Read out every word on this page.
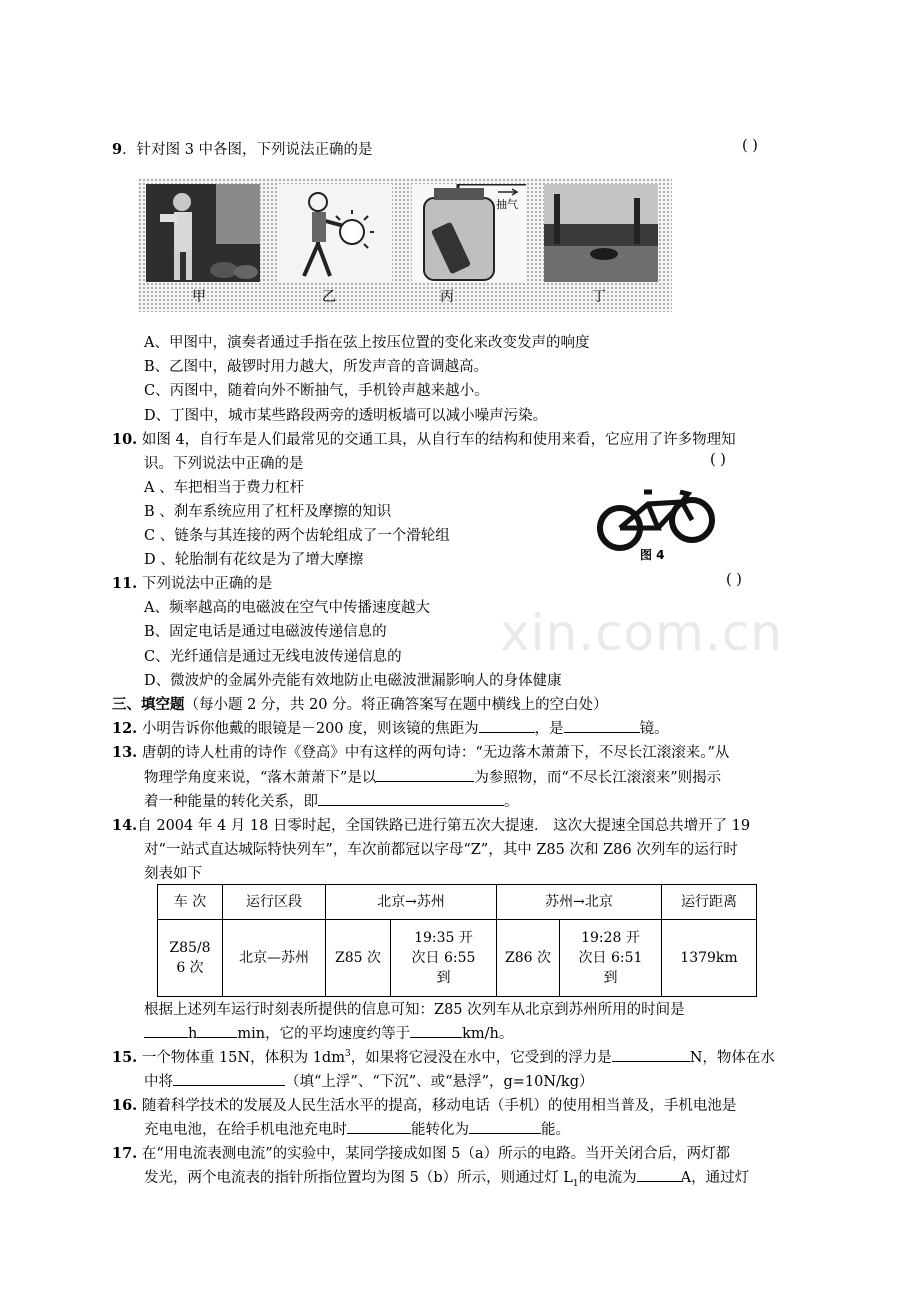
xin.com.cn
9．针对图 3 中各图，下列说法正确的是	( )
抽气
甲	乙	丙	丁
A、甲图中，演奏者通过手指在弦上按压位置的变化来改变发声的响度
B、乙图中，敲锣时用力越大，所发声音的音调越高。
C、丙图中，随着向外不断抽气，手机铃声越来越小。
D、丁图中，城市某些路段两旁的透明板墙可以减小噪声污染。
10. 如图 4，自行车是人们最常见的交通工具，从自行车的结构和使用来看，它应用了许多物理知
识。下列说法中正确的是	( )
A 、车把相当于费力杠杆
B 、刹车系统应用了杠杆及摩擦的知识
C 、链条与其连接的两个齿轮组成了一个滑轮组
D 、轮胎制有花纹是为了增大摩擦	图 4
11. 下列说法中正确的是	( )
A、频率越高的电磁波在空气中传播速度越大
B、固定电话是通过电磁波传递信息的
C、光纤通信是通过无线电波传递信息的
D、微波炉的金属外壳能有效地防止电磁波泄漏影响人的身体健康
三、填空题（每小题 2 分，共 20 分。将正确答案写在题中横线上的空白处）
12. 小明告诉你他戴的眼镜是－200 度，则该镜的焦距为	，是	镜。
13. 唐朝的诗人杜甫的诗作《登高》中有这样的两句诗：“无边落木萧萧下，不尽长江滚滚来。”从
物理学角度来说，“落木萧萧下”是以	为参照物，而“不尽长江滚滚来”则揭示
着一种能量的转化关系，即	。
14.自 2004 年 4 月 18 日零时起，全国铁路已进行第五次大提速． 这次大提速全国总共增开了 19
对“一站式直达城际特快列车”，车次前都冠以字母“Z”，其中 Z85 次和 Z86 次列车的运行时
刻表如下
车 次	运行区段	北京→苏州		苏州→北京		运行距离
Z85/8
6 次	北京—苏州	Z85 次	19:35 开
次日 6:55
到	Z86 次	19:28 开
次日 6:51
到	1379km
根据上述列车运行时刻表所提供的信息可知：Z85 次列车从北京到苏州所用的时间是
h	min，它的平均速度约等于	km/h。
15. 一个物体重 15N，体积为 $1dm^3$，如果将它浸没在水中，它受到的浮力是	N，物体在水
中将	（填“上浮”、“下沉”、或“悬浮”，g=10N/kg）
16. 随着科学技术的发展及人民生活水平的提高，移动电话（手机）的使用相当普及，手机电池是
充电电池，在给手机电池充电时	能转化为	能。
17. 在“用电流表测电流”的实验中，某同学接成如图 5（a）所示的电路。当开关闭合后，两灯都
发光，两个电流表的指针所指位置均为图 5（b）所示，则通过灯 $L_1$的电流为	A，通过灯
